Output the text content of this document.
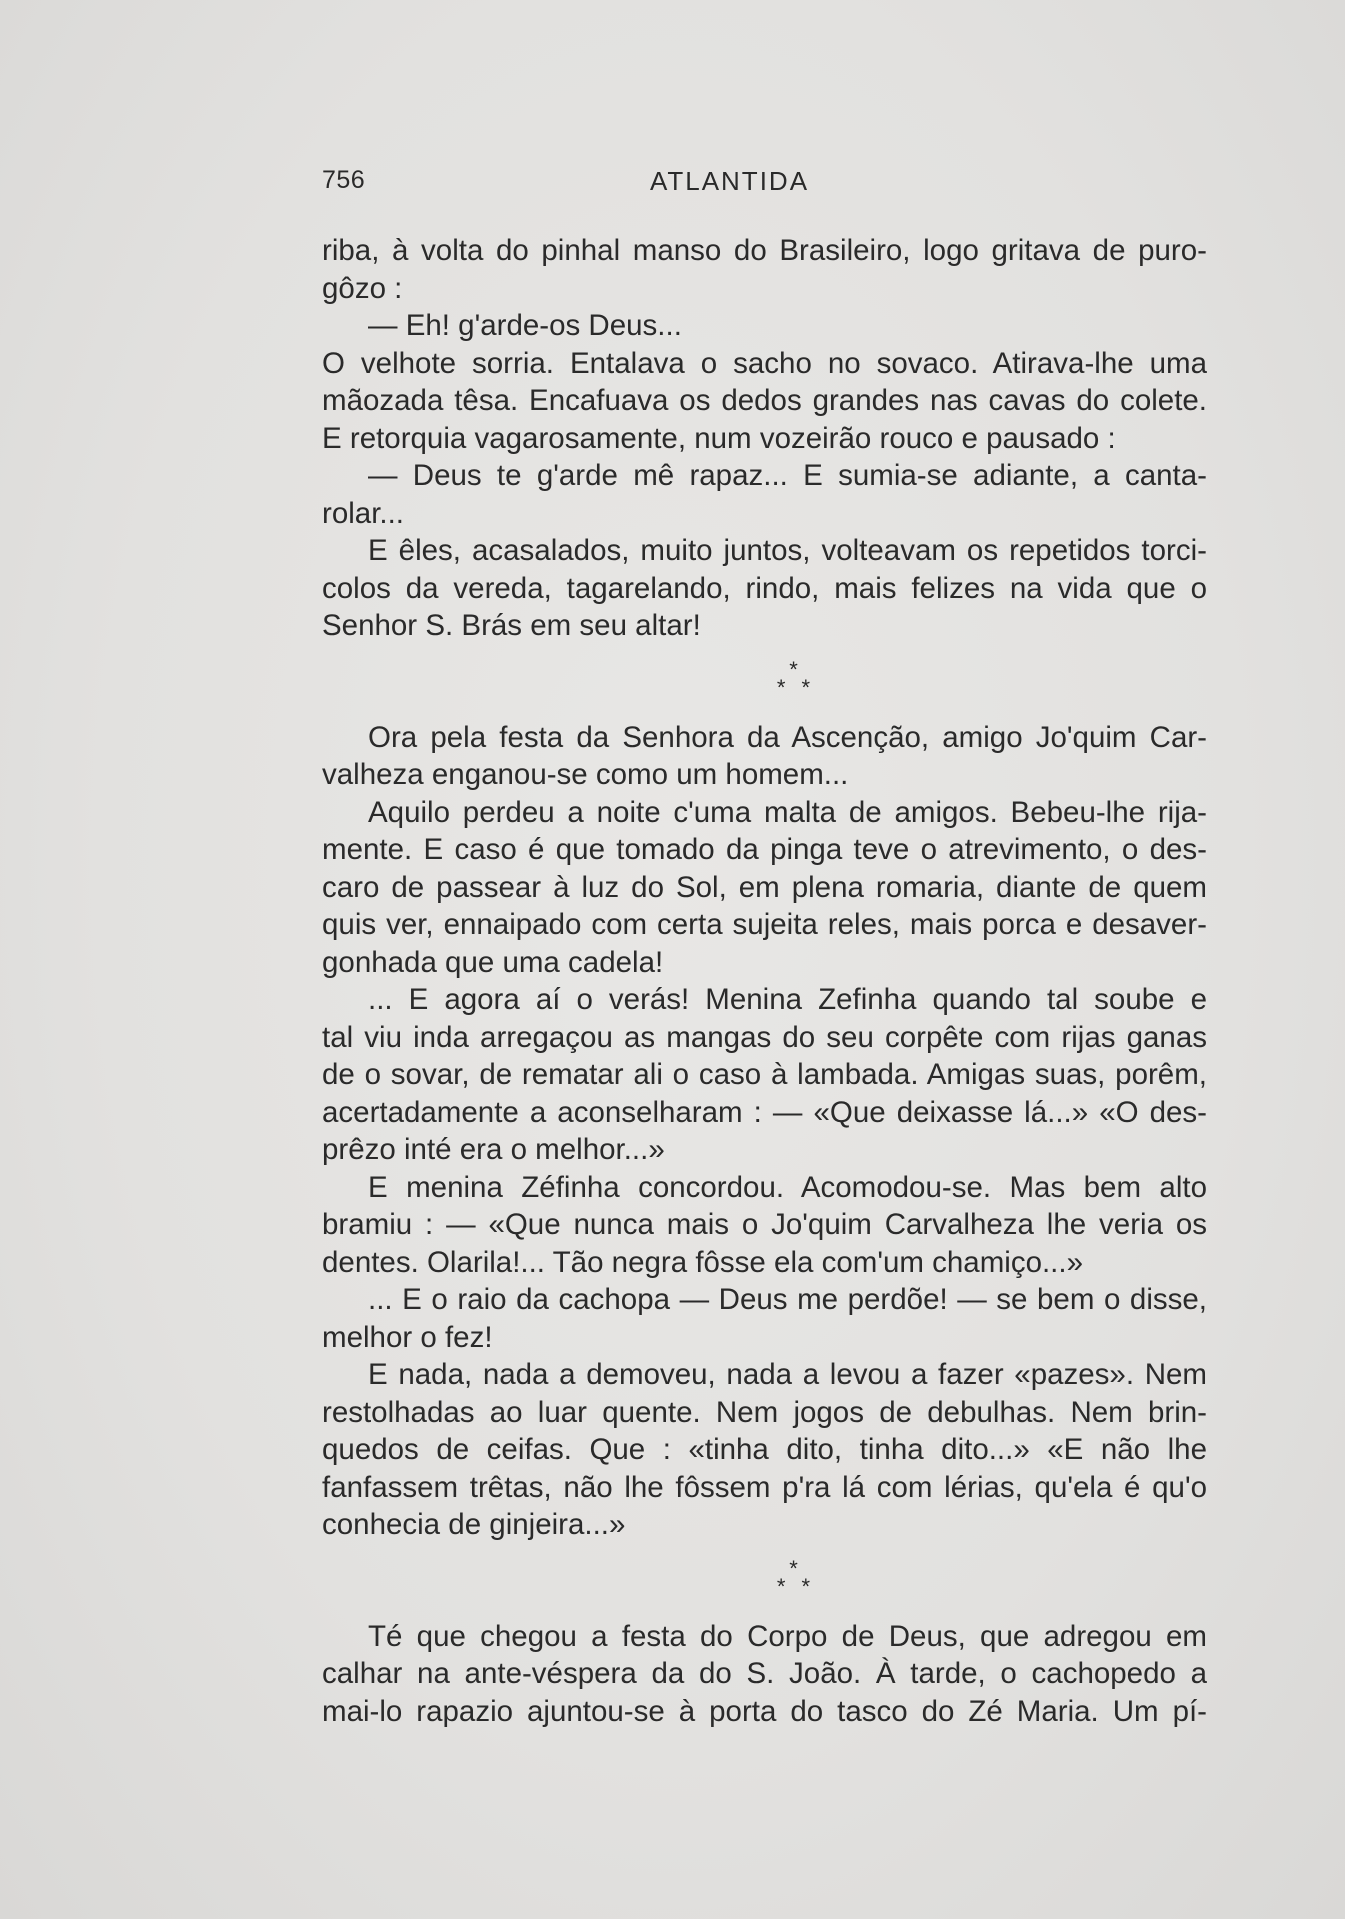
756	ATLANTIDA
riba, à volta do pinhal manso do Brasileiro, logo gritava de puro-
gôzo :
— Eh! g'arde-os Deus...
O velhote sorria. Entalava o sacho no sovaco. Atirava-lhe uma
mãozada têsa. Encafuava os dedos grandes nas cavas do colete.
E retorquia vagarosamente, num vozeirão rouco e pausado :
— Deus te g'arde mê rapaz... E sumia-se adiante, a canta-
rolar...
E êles, acasalados, muito juntos, volteavam os repetidos torci-
colos da vereda, tagarelando, rindo, mais felizes na vida que o
Senhor S. Brás em seu altar!
*
* *
Ora pela festa da Senhora da Ascenção, amigo Jo'quim Car-
valheza enganou-se como um homem...
Aquilo perdeu a noite c'uma malta de amigos. Bebeu-lhe rija-
mente. E caso é que tomado da pinga teve o atrevimento, o des-
caro de passear à luz do Sol, em plena romaria, diante de quem
quis ver, ennaipado com certa sujeita reles, mais porca e desaver-
gonhada que uma cadela!
... E agora aí o verás! Menina Zefinha quando tal soube e
tal viu inda arregaçou as mangas do seu corpête com rijas ganas
de o sovar, de rematar ali o caso à lambada. Amigas suas, porêm,
acertadamente a aconselharam : — «Que deixasse lá...» «O des-
prêzo inté era o melhor...»
E menina Zéfinha concordou. Acomodou-se. Mas bem alto
bramiu : — «Que nunca mais o Jo'quim Carvalheza lhe veria os
dentes. Olarila!... Tão negra fôsse ela com'um chamiço...»
... E o raio da cachopa — Deus me perdõe! — se bem o disse,
melhor o fez!
E nada, nada a demoveu, nada a levou a fazer «pazes». Nem
restolhadas ao luar quente. Nem jogos de debulhas. Nem brin-
quedos de ceifas. Que : «tinha dito, tinha dito...» «E não lhe
fanfassem trêtas, não lhe fôssem p'ra lá com lérias, qu'ela é qu'o
conhecia de ginjeira...»
*
* *
Té que chegou a festa do Corpo de Deus, que adregou em
calhar na ante-véspera da do S. João. À tarde, o cachopedo a
mai-lo rapazio ajuntou-se à porta do tasco do Zé Maria. Um pí-
